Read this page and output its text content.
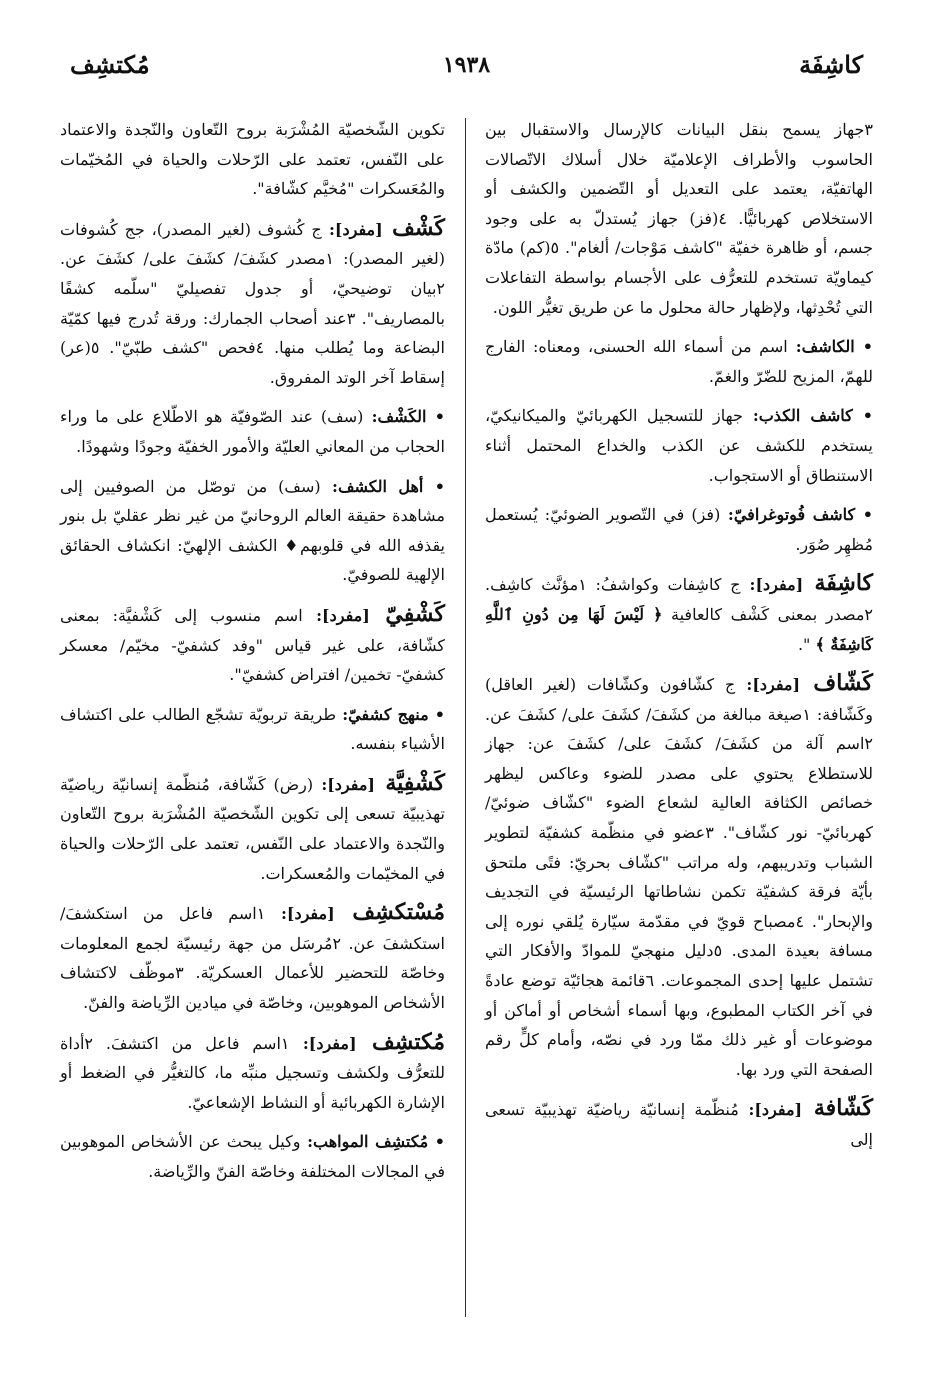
كاشِفَة
١٩٣٨
مُكتشِف
٣جهاز يسمح بنقل البيانات كالإرسال والاستقبال بين الحاسوب والأطراف الإعلاميّة خلال أسلاك الاتّصالات الهاتفيّة، يعتمد على التعديل أو التّضمين والكشف أو الاستخلاص كهربائيًّا. ٤(فز) جهاز يُستدلّ به على وجود جسم، أو ظاهرة خفيّة "كاشف مَوْجات/ ألغام". ٥(كم) مادّة كيماويّة تستخدم للتعرُّف على الأجسام بواسطة التفاعلات التي تُحْدِثها، ولإظهار حالة محلول ما عن طريق تغيُّر اللون.
• الكاشف: اسم من أسماء الله الحسنى، ومعناه: الفارج للهمّ، المزيح للضّرّ والغمّ.
• كاشف الكذب: جهاز للتسجيل الكهربائيّ والميكانيكيّ، يستخدم للكشف عن الكذب والخداع المحتمل أثناء الاستنطاق أو الاستجواب.
• كاشف فُوتوغرافيّ: (فز) في التّصوير الضوئيّ: يُستعمل مُظهِر صُوَر.
كاشِفَة [مفرد]: ج كاشِفات وكواشفُ: ١مؤنَّث كاشِف. ٢مصدر بمعنى كَشْف كالعافية ﴿ لَيْسَ لَهَا مِن دُونِ ٱللَّهِ كَاشِفَةٌ ﴾ ".
كَشّاف [مفرد]: ج كشّافون وكشّافات (لغير العاقل) وكَشّافة: ١صيغة مبالغة من كشَفَ/ كشَفَ على/ كشَفَ عن. ٢اسم آلة من كشَفَ/ كشَفَ على/ كشَفَ عن: جهاز للاستطلاع يحتوي على مصدر للضوء وعاكس ليظهر خصائص الكثافة العالية لشعاع الضوء "كشّاف ضوئيّ/ كهربائيّ- نور كشّاف". ٣عضو في منظّمة كشفيّة لتطوير الشباب وتدريبهم، وله مراتب "كشّاف بحريّ: فتًى ملتحق بأيّة فرقة كشفيّة تكمن نشاطاتها الرئيسيّة في التجديف والإبحار". ٤مصباح قويّ في مقدّمة سيّارة يُلقي نوره إلى مسافة بعيدة المدى. ٥دليل منهجيّ للموادّ والأفكار التي تشتمل عليها إحدى المجموعات. ٦قائمة هجائيّة توضع عادةً في آخر الكتاب المطبوع، وبها أسماء أشخاص أو أماكن أو موضوعات أو غير ذلك ممّا ورد في نصّه، وأمام كلٍّ رقم الصفحة التي ورد بها.
كَشّافة [مفرد]: مُنظّمة إنسانيّة رياضيّة تهذيبيّة تسعى إلى
تكوين الشّخصيّة المُشْرَبة بروح التّعاون والنّجدة والاعتماد على النّفس، تعتمد على الرّحلات والحياة في المُخيّمات والمُعَسكرات "مُخيَّم كشّافة".
كَشْف [مفرد]: ج كُشوف (لغير المصدر)، جج كُشوفات (لغير المصدر): ١مصدر كشَفَ/ كشَفَ على/ كشَفَ عن. ٢بيان توضيحيّ، أو جدول تفصيليّ "سلّمه كشفًا بالمصاريف". ٣عند أصحاب الجمارك: ورقة تُدرج فيها كمّيّة البضاعة وما يُطلب منها. ٤فحص "كشف طبّيّ". ٥(عر) إسقاط آخر الوتد المفروق.
• الكَشْف: (سف) عند الصّوفيّة هو الاطّلاع على ما وراء الحجاب من المعاني العليّة والأمور الخفيّة وجودًا وشهودًا.
• أهل الكشف: (سف) من توصّل من الصوفيين إلى مشاهدة حقيقة العالم الروحانيّ من غير نظر عقليّ بل بنور يقذفه الله في قلوبهم♦ الكشف الإلهيّ: انكشاف الحقائق الإلهية للصوفيّ.
كَشْفِيّ [مفرد]: اسم منسوب إلى كَشْفيَّة: بمعنى كشّافة، على غير قياس "وفد كشفيّ- مخيّم/ معسكر كشفيّ- تخمين/ افتراض كشفيّ".
• منهج كشفيّ: طريقة تربويّة تشجّع الطالب على اكتشاف الأشياء بنفسه.
كَشْفِيَّة [مفرد]: (رض) كَشّافة، مُنظّمة إنسانيّة رياضيّة تهذيبيّة تسعى إلى تكوين الشّخصيّة المُشْرَبة بروح التّعاون والنّجدة والاعتماد على النّفس، تعتمد على الرّحلات والحياة في المخيّمات والمُعسكرات.
مُسْتكشِف [مفرد]: ١اسم فاعل من استكشفَ/ استكشفَ عن. ٢مُرسَل من جهة رئيسيّة لجمع المعلومات وخاصّة للتحضير للأعمال العسكريّة. ٣موظّف لاكتشاف الأشخاص الموهوبين، وخاصّة في ميادين الرِّياضة والفنّ.
مُكتشِف [مفرد]: ١اسم فاعل من اكتشفَ. ٢أداة للتعرُّف ولكشف وتسجيل منبِّه ما، كالتغيُّر في الضغط أو الإشارة الكهربائية أو النشاط الإشعاعيّ.
• مُكتشِف المواهب: وكيل يبحث عن الأشخاص الموهوبين في المجالات المختلفة وخاصّة الفنّ والرِّياضة.
